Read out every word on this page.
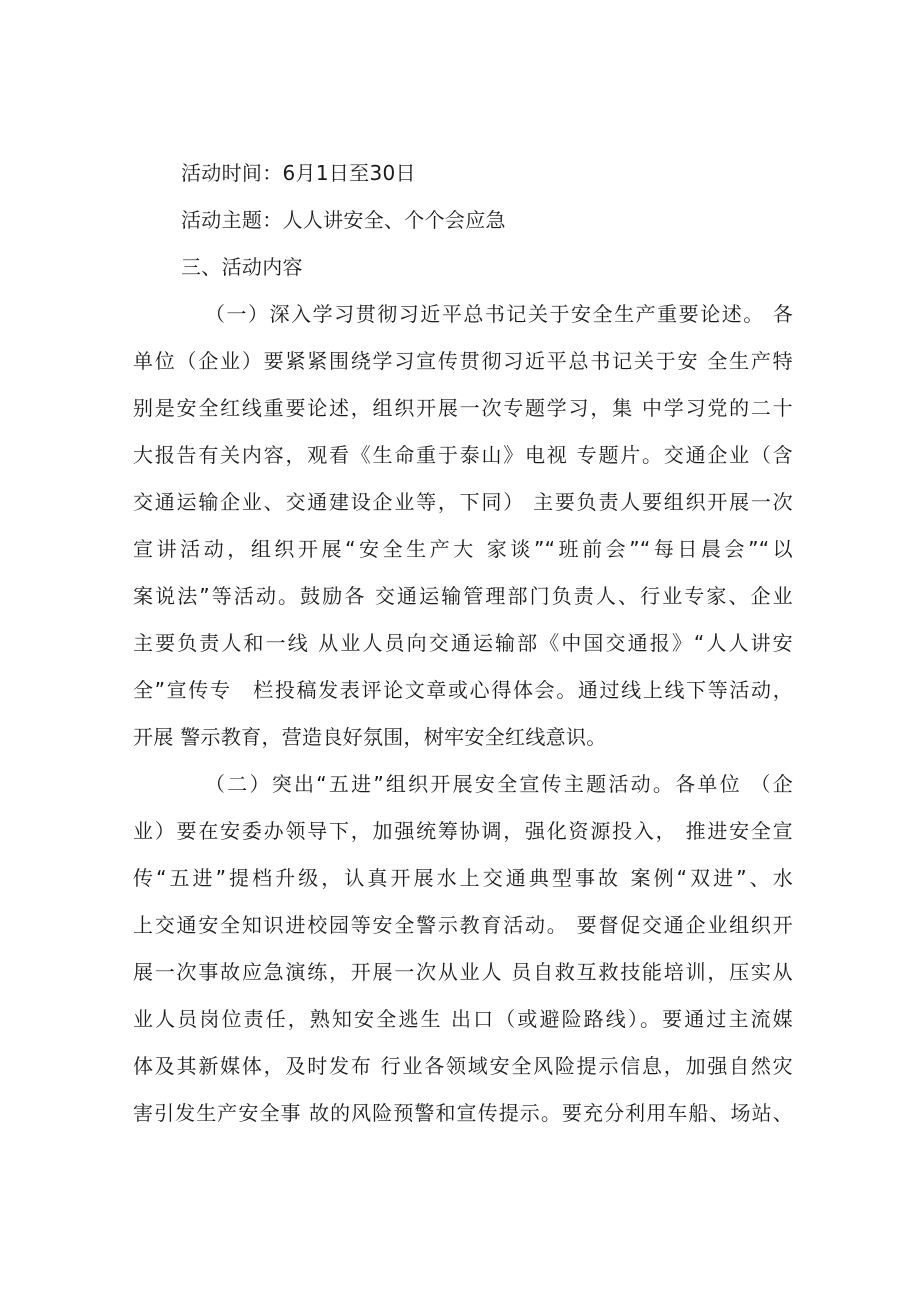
活动时间：6月1日至30日
活动主题：人人讲安全、个个会应急
三、活动内容
（一）深入学习贯彻习近平总书记关于安全生产重要论述。 各
单位（企业）要紧紧围绕学习宣传贯彻习近平总书记关于安 全生产特
别是安全红线重要论述，组织开展一次专题学习，集 中学习党的二十
大报告有关内容，观看《生命重于泰山》电视 专题片。交通企业（含
交通运输企业、交通建设企业等，下同） 主要负责人要组织开展一次
宣讲活动，组织开展“安全生产大 家谈”“班前会”“每日晨会”“以
案说法”等活动。鼓励各 交通运输管理部门负责人、行业专家、企业
主要负责人和一线 从业人员向交通运输部《中国交通报》“人人讲安
全”宣传专　栏投稿发表评论文章或心得体会。通过线上线下等活动，
开展 警示教育，营造良好氛围，树牢安全红线意识。
（二）突出“五进”组织开展安全宣传主题活动。各单位 （企
业）要在安委办领导下，加强统筹协调，强化资源投入， 推进安全宣
传“五进”提档升级，认真开展水上交通典型事故 案例“双进”、水
上交通安全知识进校园等安全警示教育活动。 要督促交通企业组织开
展一次事故应急演练，开展一次从业人 员自救互救技能培训，压实从
业人员岗位责任，熟知安全逃生 出口（或避险路线）。要通过主流媒
体及其新媒体，及时发布 行业各领域安全风险提示信息，加强自然灾
害引发生产安全事 故的风险预警和宣传提示。要充分利用车船、场站、
